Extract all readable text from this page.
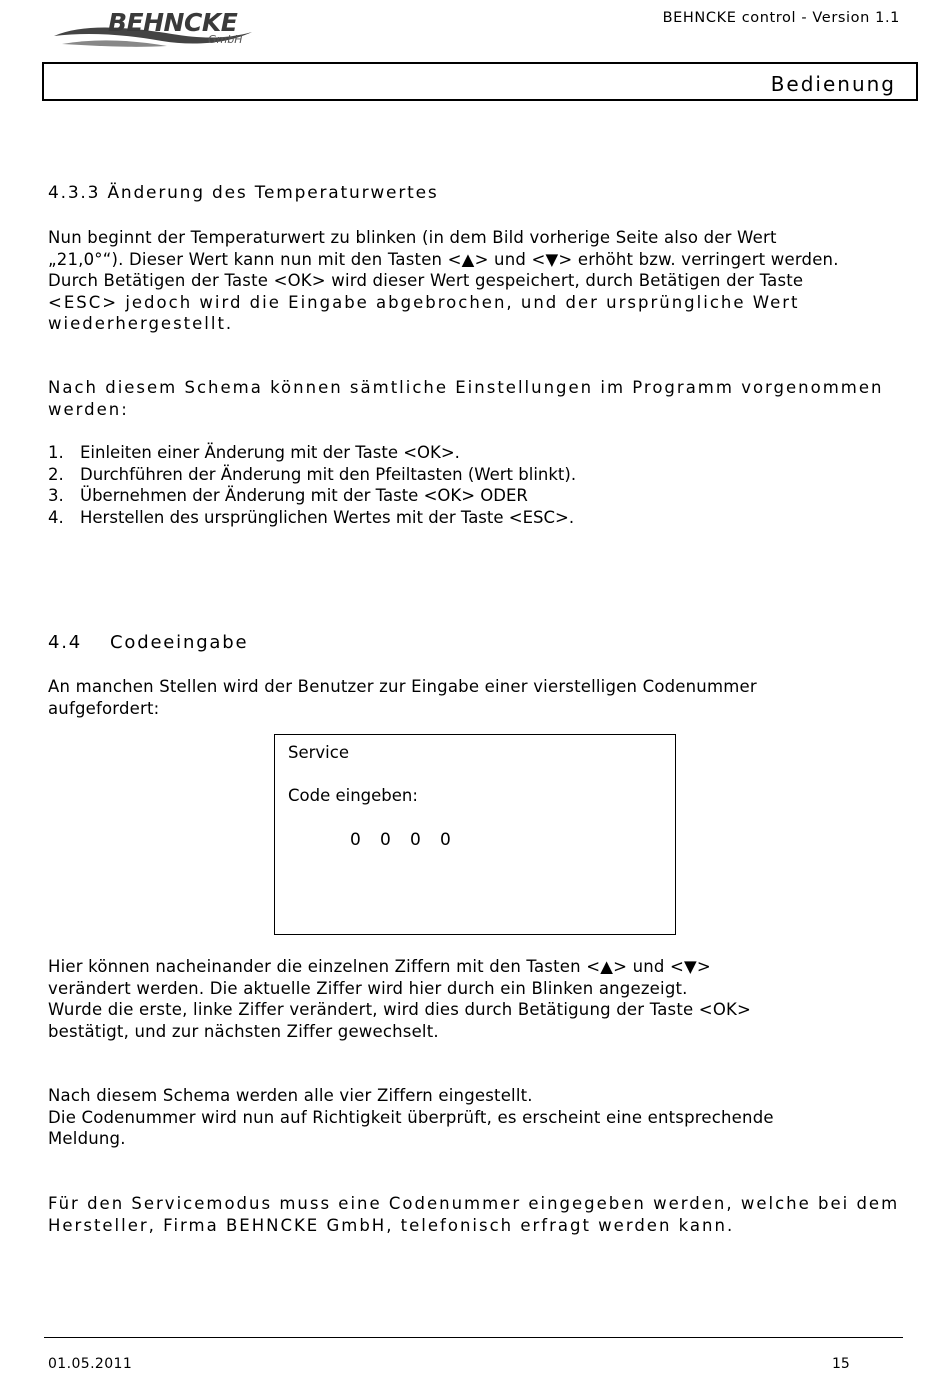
BEHNCKE
GmbH
BEHNCKE control - Version 1.1
Bedienung
4.3.3 Änderung des Temperaturwertes

Nun beginnt der Temperaturwert zu blinken (in dem Bild vorherige Seite also der Wert

„21,0°“). Dieser Wert kann nun mit den Tasten <▲> und <▼> erhöht bzw. verringert werden.

Durch Betätigen der Taste <OK> wird dieser Wert gespeichert, durch Betätigen der Taste

<ESC> jedoch wird die Eingabe abgebrochen, und der ursprüngliche Wert

wiederhergestellt.

Nach diesem Schema können sämtliche Einstellungen im Programm vorgenommen

werden:

1. Einleiten einer Änderung mit der Taste <OK>.
2. Durchführen der Änderung mit den Pfeiltasten (Wert blinkt).
3. Übernehmen der Änderung mit der Taste <OK> ODER
4. Herstellen des ursprünglichen Wertes mit der Taste <ESC>.
4.4 Codeeingabe

An manchen Stellen wird der Benutzer zur Eingabe einer vierstelligen Codenummer

aufgefordert:

Service
Code eingeben:
0 0 0 0

Hier können nacheinander die einzelnen Ziffern mit den Tasten <▲> und <▼>

verändert werden. Die aktuelle Ziffer wird hier durch ein Blinken angezeigt.

Wurde die erste, linke Ziffer verändert, wird dies durch Betätigung der Taste <OK>

bestätigt, und zur nächsten Ziffer gewechselt.

Nach diesem Schema werden alle vier Ziffern eingestellt.

Die Codenummer wird nun auf Richtigkeit überprüft, es erscheint eine entsprechende

Meldung.

Für den Servicemodus muss eine Codenummer eingegeben werden, welche bei dem

Hersteller, Firma BEHNCKE GmbH, telefonisch erfragt werden kann.

01.05.2011	15
